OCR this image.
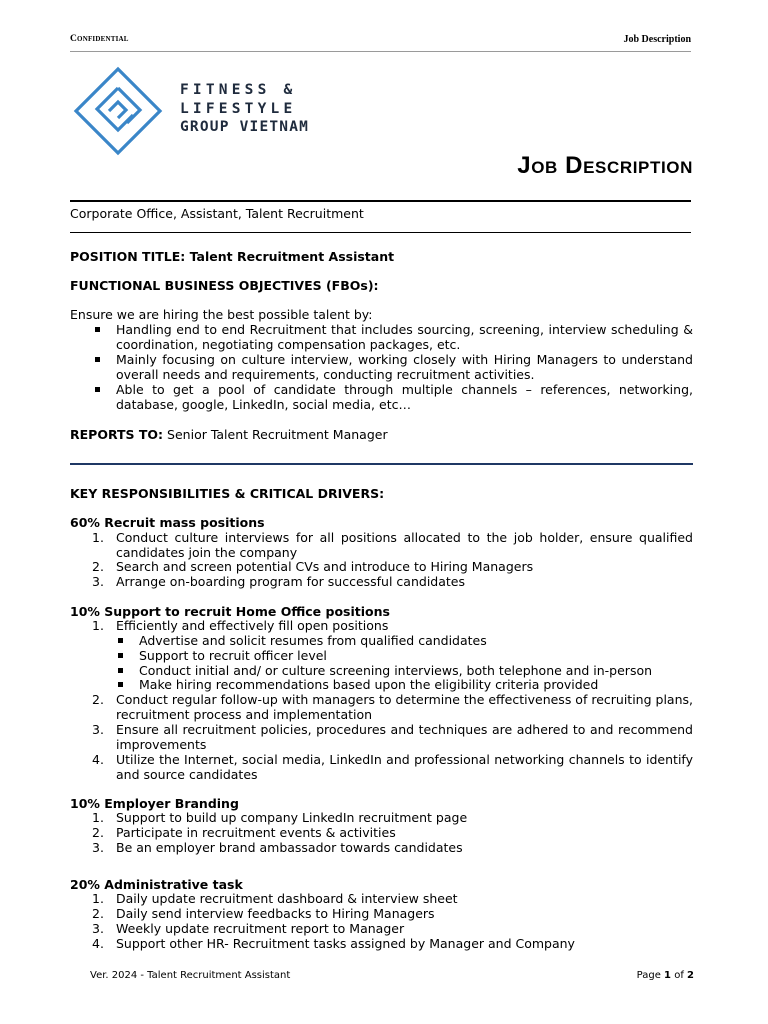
Confidential	Job Description
FITNESS &
LIFESTYLE
GROUP VIETNAM
Job Description
Corporate Office, Assistant, Talent Recruitment

POSITION TITLE: Talent Recruitment Assistant

FUNCTIONAL BUSINESS OBJECTIVES (FBOs):

Ensure we are hiring the best possible talent by:

Handling end to end Recruitment that includes sourcing, screening, interview scheduling & coordination, negotiating compensation packages, etc.
Mainly focusing on culture interview, working closely with Hiring Managers to understand overall needs and requirements, conducting recruitment activities.
Able to get a pool of candidate through multiple channels – references, networking, database, google, LinkedIn, social media, etc…

REPORTS TO: Senior Talent Recruitment Manager

KEY RESPONSIBILITIES & CRITICAL DRIVERS:

60% Recruit mass positions

1. Conduct culture interviews for all positions allocated to the job holder, ensure qualified candidates join the company
2. Search and screen potential CVs and introduce to Hiring Managers
3. Arrange on-boarding program for successful candidates

10% Support to recruit Home Office positions

1. Efficiently and effectively fill open positions
Advertise and solicit resumes from qualified candidates
Support to recruit officer level
Conduct initial and/ or culture screening interviews, both telephone and in-person
Make hiring recommendations based upon the eligibility criteria provided
2. Conduct regular follow-up with managers to determine the effectiveness of recruiting plans, recruitment process and implementation
3. Ensure all recruitment policies, procedures and techniques are adhered to and recommend improvements
4. Utilize the Internet, social media, LinkedIn and professional networking channels to identify and source candidates

10% Employer Branding

1. Support to build up company LinkedIn recruitment page
2. Participate in recruitment events & activities
3. Be an employer brand ambassador towards candidates

20% Administrative task

1. Daily update recruitment dashboard & interview sheet
2. Daily send interview feedbacks to Hiring Managers
3. Weekly update recruitment report to Manager
4. Support other HR- Recruitment tasks assigned by Manager and Company
Ver. 2024 - Talent Recruitment Assistant	Page 1 of 2
